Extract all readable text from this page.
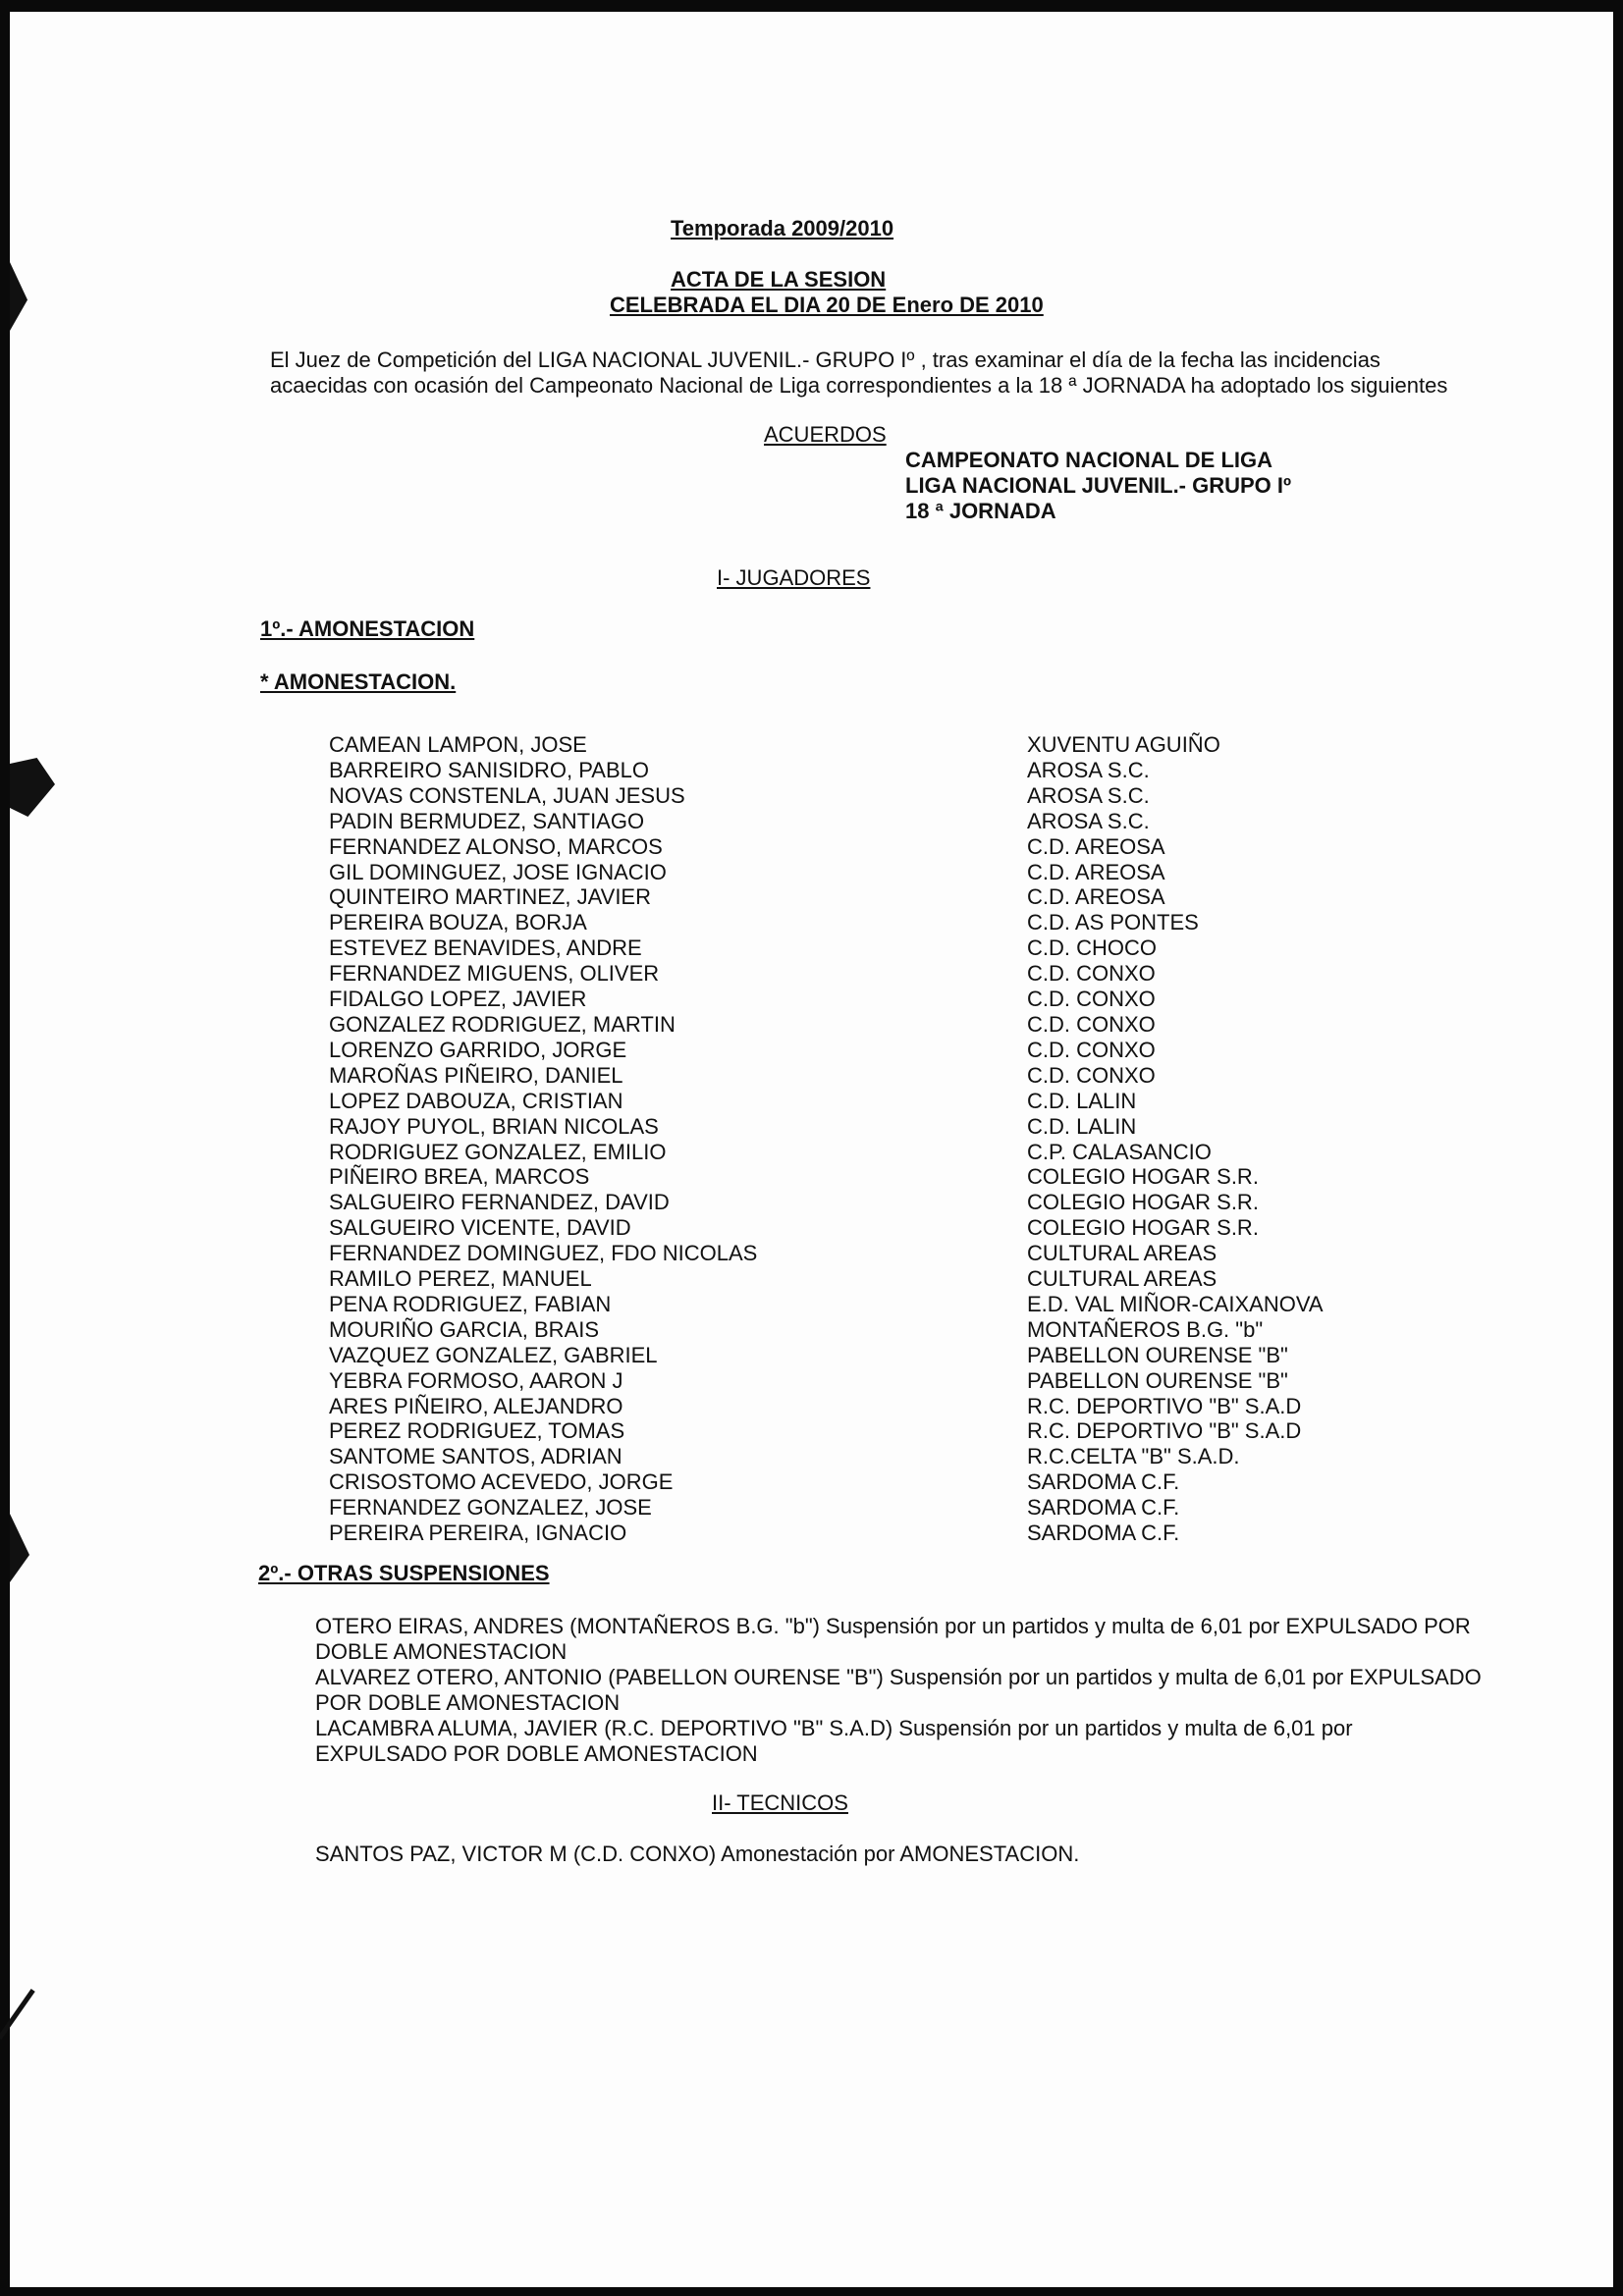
Temporada 2009/2010
ACTA DE LA SESION
CELEBRADA EL DIA 20 DE Enero DE 2010
El Juez de Competición del LIGA NACIONAL JUVENIL.- GRUPO Iº , tras examinar el día de la fecha las incidencias
acaecidas con ocasión del Campeonato Nacional de Liga correspondientes a la 18 ª JORNADA ha adoptado los siguientes
ACUERDOS
CAMPEONATO NACIONAL DE LIGA
LIGA NACIONAL JUVENIL.- GRUPO Iº
18 ª JORNADA
I- JUGADORES
1º.- AMONESTACION
* AMONESTACION.
CAMEAN LAMPON, JOSE
BARREIRO SANISIDRO, PABLO
NOVAS CONSTENLA, JUAN JESUS
PADIN BERMUDEZ, SANTIAGO
FERNANDEZ ALONSO, MARCOS
GIL DOMINGUEZ, JOSE IGNACIO
QUINTEIRO MARTINEZ, JAVIER
PEREIRA BOUZA, BORJA
ESTEVEZ BENAVIDES, ANDRE
FERNANDEZ MIGUENS, OLIVER
FIDALGO LOPEZ, JAVIER
GONZALEZ RODRIGUEZ, MARTIN
LORENZO GARRIDO, JORGE
MAROÑAS PIÑEIRO, DANIEL
LOPEZ DABOUZA, CRISTIAN
RAJOY PUYOL, BRIAN NICOLAS
RODRIGUEZ GONZALEZ, EMILIO
PIÑEIRO BREA, MARCOS
SALGUEIRO FERNANDEZ, DAVID
SALGUEIRO VICENTE, DAVID
FERNANDEZ DOMINGUEZ, FDO NICOLAS
RAMILO PEREZ, MANUEL
PENA RODRIGUEZ, FABIAN
MOURIÑO GARCIA, BRAIS
VAZQUEZ GONZALEZ, GABRIEL
YEBRA FORMOSO, AARON J
ARES PIÑEIRO, ALEJANDRO
PEREZ RODRIGUEZ, TOMAS
SANTOME SANTOS, ADRIAN
CRISOSTOMO ACEVEDO, JORGE
FERNANDEZ GONZALEZ, JOSE
PEREIRA PEREIRA, IGNACIO
XUVENTU AGUIÑO
AROSA S.C.
AROSA S.C.
AROSA S.C.
C.D. AREOSA
C.D. AREOSA
C.D. AREOSA
C.D. AS PONTES
C.D. CHOCO
C.D. CONXO
C.D. CONXO
C.D. CONXO
C.D. CONXO
C.D. CONXO
C.D. LALIN
C.D. LALIN
C.P. CALASANCIO
COLEGIO HOGAR S.R.
COLEGIO HOGAR S.R.
COLEGIO HOGAR S.R.
CULTURAL AREAS
CULTURAL AREAS
E.D. VAL MIÑOR-CAIXANOVA
MONTAÑEROS B.G. "b"
PABELLON OURENSE "B"
PABELLON OURENSE "B"
R.C. DEPORTIVO "B" S.A.D
R.C. DEPORTIVO "B" S.A.D
R.C.CELTA "B" S.A.D.
SARDOMA C.F.
SARDOMA C.F.
SARDOMA C.F.
2º.- OTRAS SUSPENSIONES
OTERO EIRAS, ANDRES (MONTAÑEROS B.G. "b") Suspensión por un partidos y multa de 6,01 por EXPULSADO POR
DOBLE AMONESTACION
ALVAREZ OTERO, ANTONIO (PABELLON OURENSE "B") Suspensión por un partidos y multa de 6,01 por EXPULSADO
POR DOBLE AMONESTACION
LACAMBRA ALUMA, JAVIER (R.C. DEPORTIVO "B" S.A.D) Suspensión por un partidos y multa de 6,01 por
EXPULSADO POR DOBLE AMONESTACION
II- TECNICOS
SANTOS PAZ, VICTOR M (C.D. CONXO) Amonestación por AMONESTACION.
